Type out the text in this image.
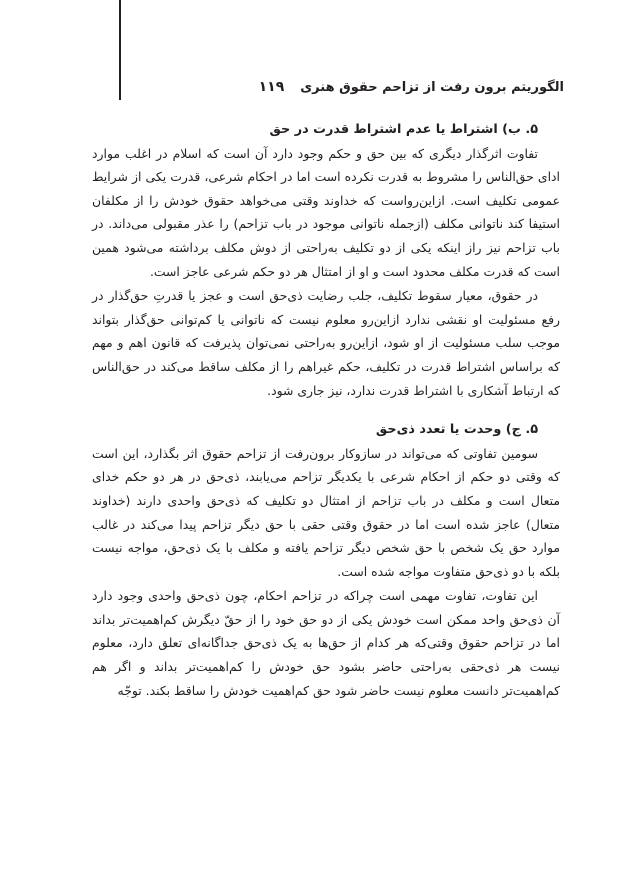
الگوریتم برون رفت از تزاحم حقوق هنری
۱۱۹
۵. ب) اشتراط یا عدم اشتراط قدرت در حق

تفاوت اثرگذار دیگری که بین حق و حکم وجود دارد آن است که اسلام در اغلب موارد ادای حق‌الناس را مشروط به قدرت نکرده است اما در احکام شرعی، قدرت یکی از شرایط عمومی تکلیف است. ازاین‌رواست که خداوند وقتی می‌خواهد حقوق خودش را از مکلفان استیفا کند ناتوانی مکلف (ازجمله ناتوانی موجود در باب تزاحم) را عذر مقبولی می‌داند. در باب تزاحم نیز راز اینکه یکی از دو تکلیف به‌راحتی از دوش مکلف برداشته می‌شود همین است که قدرت مکلف محدود است و او از امتثال هر دو حکم شرعی عاجز است.

در حقوق، معیار سقوط تکلیف، جلب رضایت ذی‌حق است و عجز یا قدرتِ حق‌گذار در رفع مسئولیت او نقشی ندارد ازاین‌رو معلوم نیست که ناتوانی یا کم‌توانی حق‌گذار بتواند موجب سلب مسئولیت از او شود، ازاین‌رو به‌راحتی نمی‌توان پذیرفت که قانون اهم و مهم که براساس اشتراط قدرت در تکلیف، حکم غیراهم را از مکلف ساقط می‌کند در حق‌الناس که ارتباط آشکاری با اشتراط قدرت ندارد، نیز جاری شود.

۵. ج) وحدت یا تعدد ذی‌حق

سومین تفاوتی که می‌تواند در سازوکار برون‌رفت از تزاحم حقوق اثر بگذارد، این است که وقتی دو حکم از احکام شرعی با یکدیگر تزاحم می‌یابند، ذی‌حق در هر دو حکم خدای متعال است و مکلف در باب تزاحم از امتثال دو تکلیف که ذی‌حق واحدی دارند (خداوند متعال) عاجز شده است اما در حقوق وقتی حقی با حق دیگر تزاحم پیدا می‌کند در غالب موارد حق یک شخص با حق شخص دیگر تزاحم یافته و مکلف با یک ذی‌حق، مواجه نیست بلکه با دو ذی‌حق متفاوت مواجه شده است.

این تفاوت، تفاوت مهمی است چراکه در تزاحم احکام، چون ذی‌حق واحدی وجود دارد آن ذی‌حق واحد ممکن است خودش یکی از دو حق خود را از حقّ دیگرش کم‌اهمیت‌تر بداند اما در تزاحم حقوق وقتی‌که هر کدام از حق‌ها به یک ذی‌حق جداگانه‌ای تعلق دارد، معلوم نیست هر ذی‌حقی به‌راحتی حاضر بشود حق خودش را کم‌اهمیت‌تر بداند و اگر هم کم‌اهمیت‌تر دانست معلوم نیست حاضر شود حق کم‌اهمیت خودش را ساقط بکند. توجّه
